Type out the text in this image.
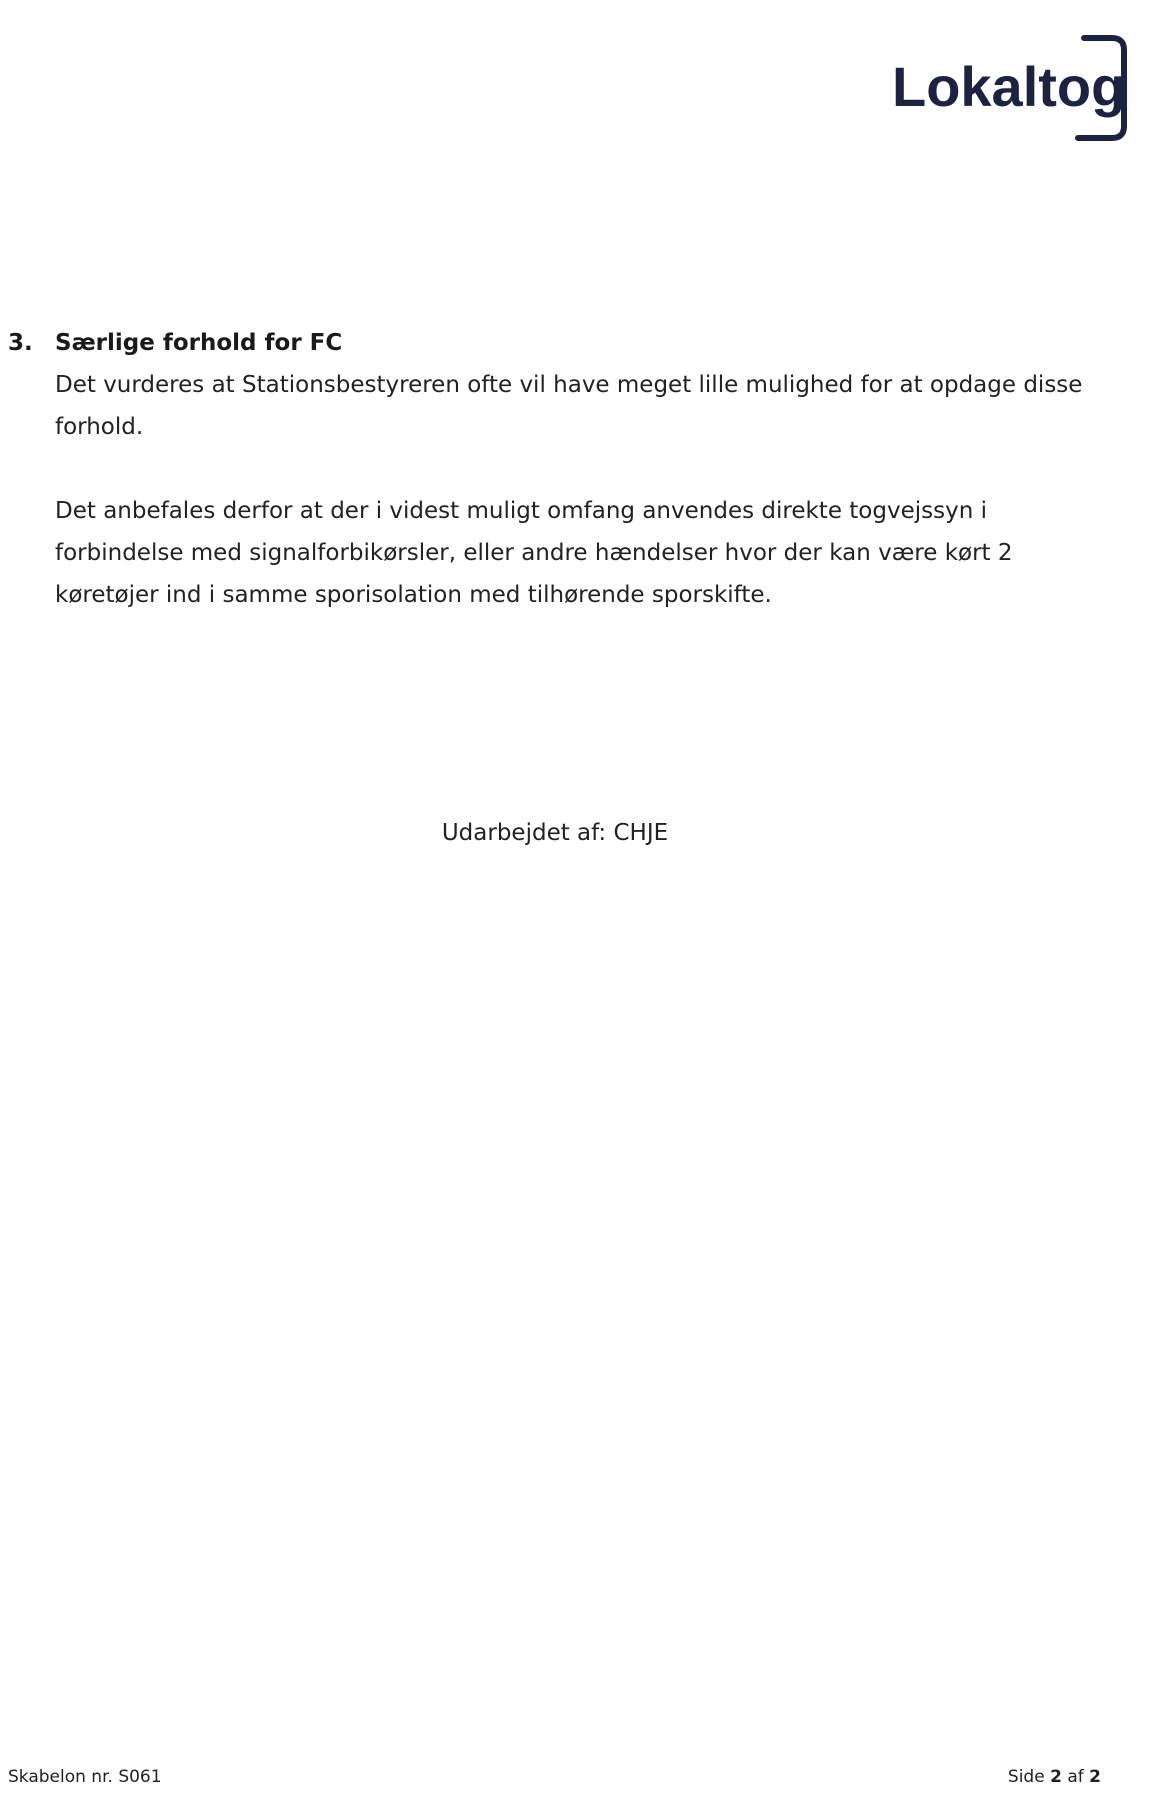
Lokaltog
3. Særlige forhold for FC

Det vurderes at Stationsbestyreren ofte vil have meget lille mulighed for at opdage disse forhold.

Det anbefales derfor at der i videst muligt omfang anvendes direkte togvejssyn i forbindelse med signalforbikørsler, eller andre hændelser hvor der kan være kørt 2 køretøjer ind i samme sporisolation med tilhørende sporskifte.

Udarbejdet af: CHJE
Skabelon nr. S061	Side 2 af 2
